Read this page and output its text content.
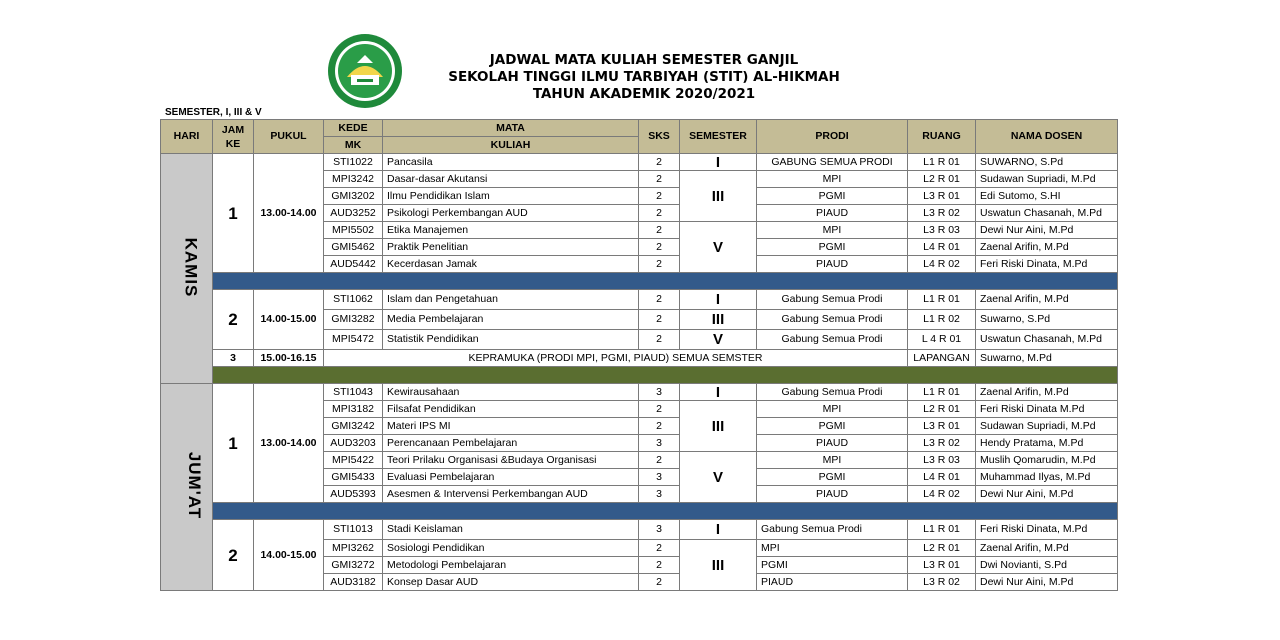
JADWAL MATA KULIAH SEMESTER GANJIL
SEKOLAH TINGGI ILMU TARBIYAH (STIT) AL-HIKMAH
TAHUN AKADEMIK 2020/2021
SEMESTER, I, III & V
HARI	JAM KE	PUKUL	KEDE	MATA	SKS	SEMESTER	PRODI	RUANG	NAMA DOSEN
			MK	KULIAH					
KAMIS	1	13.00-14.00	STI1022	Pancasila	2	I	GABUNG SEMUA PRODI	L1 R 01	SUWARNO, S.Pd
			MPI3242	Dasar-dasar Akutansi	2	III	MPI	L2 R 01	Sudawan Supriadi, M.Pd
			GMI3202	Ilmu Pendidikan Islam	2		PGMI	L3 R 01	Edi Sutomo, S.HI
			AUD3252	Psikologi Perkembangan AUD	2		PIAUD	L3 R 02	Uswatun Chasanah, M.Pd
			MPI5502	Etika Manajemen	2	V	MPI	L3 R 03	Dewi Nur Aini, M.Pd
			GMI5462	Praktik Penelitian	2		PGMI	L4 R 01	Zaenal Arifin, M.Pd
			AUD5442	Kecerdasan Jamak	2		PIAUD	L4 R 02	Feri Riski Dinata, M.Pd

	2	14.00-15.00	STI1062	Islam dan Pengetahuan	2	I	Gabung Semua Prodi	L1 R 01	Zaenal Arifin, M.Pd
			GMI3282	Media Pembelajaran	2	III	Gabung Semua Prodi	L1 R 02	Suwarno, S.Pd
			MPI5472	Statistik Pendidikan	2	V	Gabung Semua Prodi	L 4 R 01	Uswatun Chasanah, M.Pd
	3	15.00-16.15	KEPRAMUKA (PRODI MPI, PGMI, PIAUD) SEMUA SEMSTER					LAPANGAN	Suwarno, M.Pd

JUM'AT	1	13.00-14.00	STI1043	Kewirausahaan	3	I	Gabung Semua Prodi	L1 R 01	Zaenal Arifin, M.Pd
			MPI3182	Filsafat Pendidikan	2	III	MPI	L2 R 01	Feri Riski Dinata M.Pd
			GMI3242	Materi IPS MI	2		PGMI	L3 R 01	Sudawan Supriadi, M.Pd
			AUD3203	Perencanaan Pembelajaran	3		PIAUD	L3 R 02	Hendy Pratama, M.Pd
			MPI5422	Teori Prilaku Organisasi &Budaya Organisasi	2	V	MPI	L3 R 03	Muslih Qomarudin, M.Pd
			GMI5433	Evaluasi Pembelajaran	3		PGMI	L4 R 01	Muhammad Ilyas, M.Pd
			AUD5393	Asesmen & Intervensi Perkembangan AUD	3		PIAUD	L4 R 02	Dewi Nur Aini, M.Pd

	2	14.00-15.00	STI1013	Stadi Keislaman	3	I	Gabung Semua Prodi	L1 R 01	Feri Riski Dinata, M.Pd
			MPI3262	Sosiologi Pendidikan	2	III	MPI	L2 R 01	Zaenal Arifin, M.Pd
			GMI3272	Metodologi Pembelajaran	2		PGMI	L3 R 01	Dwi Novianti, S.Pd
			AUD3182	Konsep Dasar AUD	2		PIAUD	L3 R 02	Dewi Nur Aini, M.Pd
